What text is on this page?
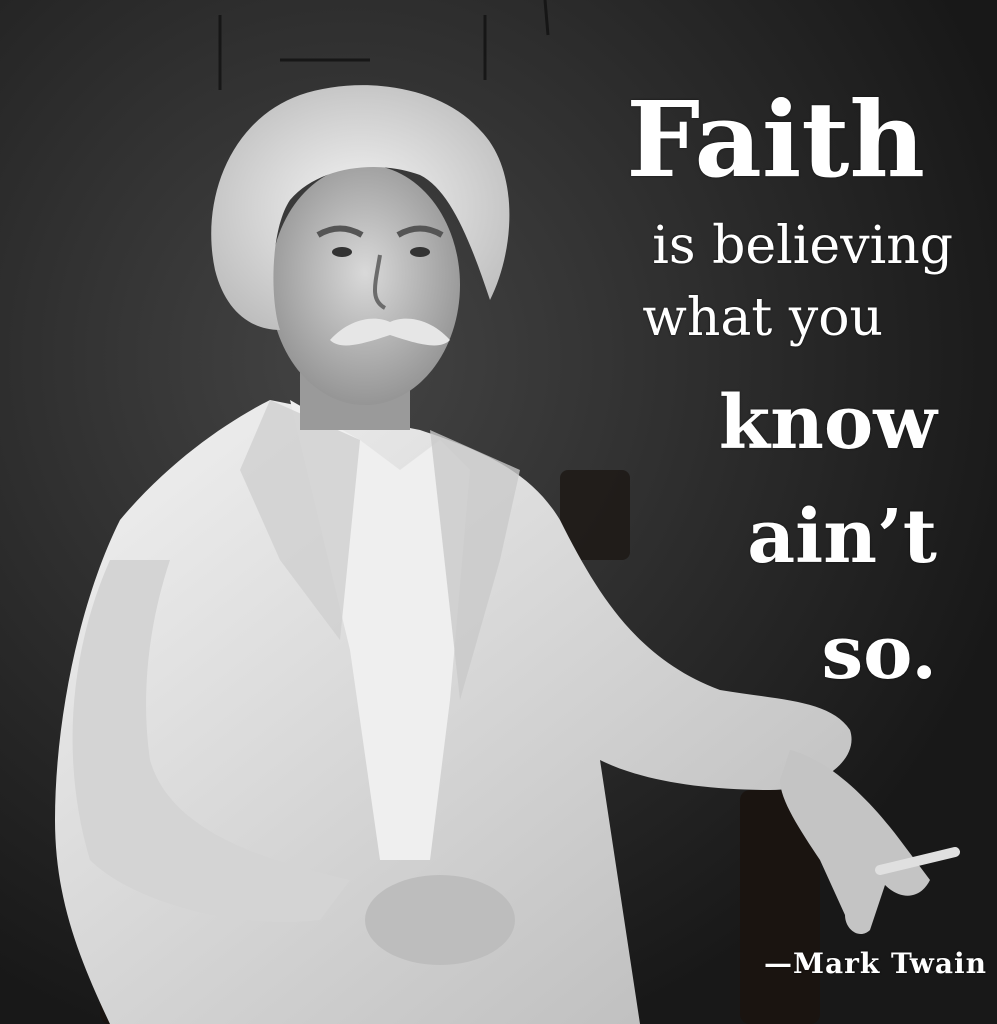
Faith
is believing
what you
know
ain’t
so.
—Mark Twain
